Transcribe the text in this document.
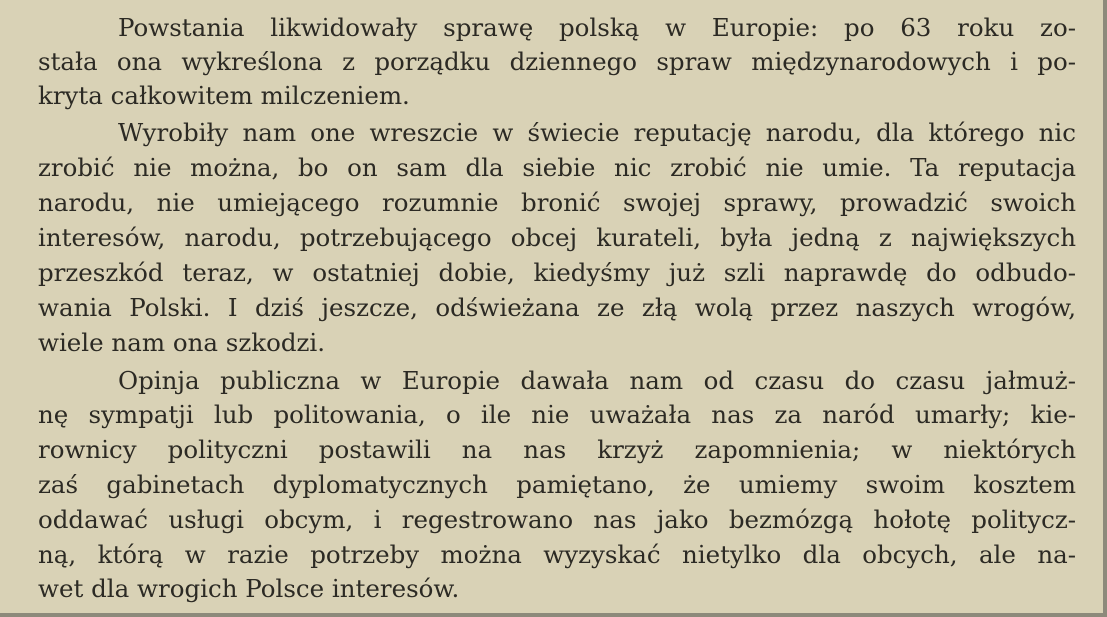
Powstania likwidowały sprawę polską w Europie: po 63 roku zo-
stała ona wykreślona z porządku dziennego spraw międzynarodowych i po-
kryta całkowitem milczeniem.
Wyrobiły nam one wreszcie w świecie reputację narodu, dla którego nic
zrobić nie można, bo on sam dla siebie nic zrobić nie umie. Ta reputacja
narodu, nie umiejącego rozumnie bronić swojej sprawy, prowadzić swoich
interesów, narodu, potrzebującego obcej kurateli, była jedną z największych
przeszkód teraz, w ostatniej dobie, kiedyśmy już szli naprawdę do odbudo-
wania Polski. I dziś jeszcze, odświeżana ze złą wolą przez naszych wrogów,
wiele nam ona szkodzi.
Opinja publiczna w Europie dawała nam od czasu do czasu jałmuż-
nę sympatji lub politowania, o ile nie uważała nas za naród umarły; kie-
rownicy polityczni postawili na nas krzyż zapomnienia; w niektórych
zaś gabinetach dyplomatycznych pamiętano, że umiemy swoim kosztem
oddawać usługi obcym, i regestrowano nas jako bezmózgą hołotę politycz-
ną, którą w razie potrzeby można wyzyskać nietylko dla obcych, ale na-
wet dla wrogich Polsce interesów.
